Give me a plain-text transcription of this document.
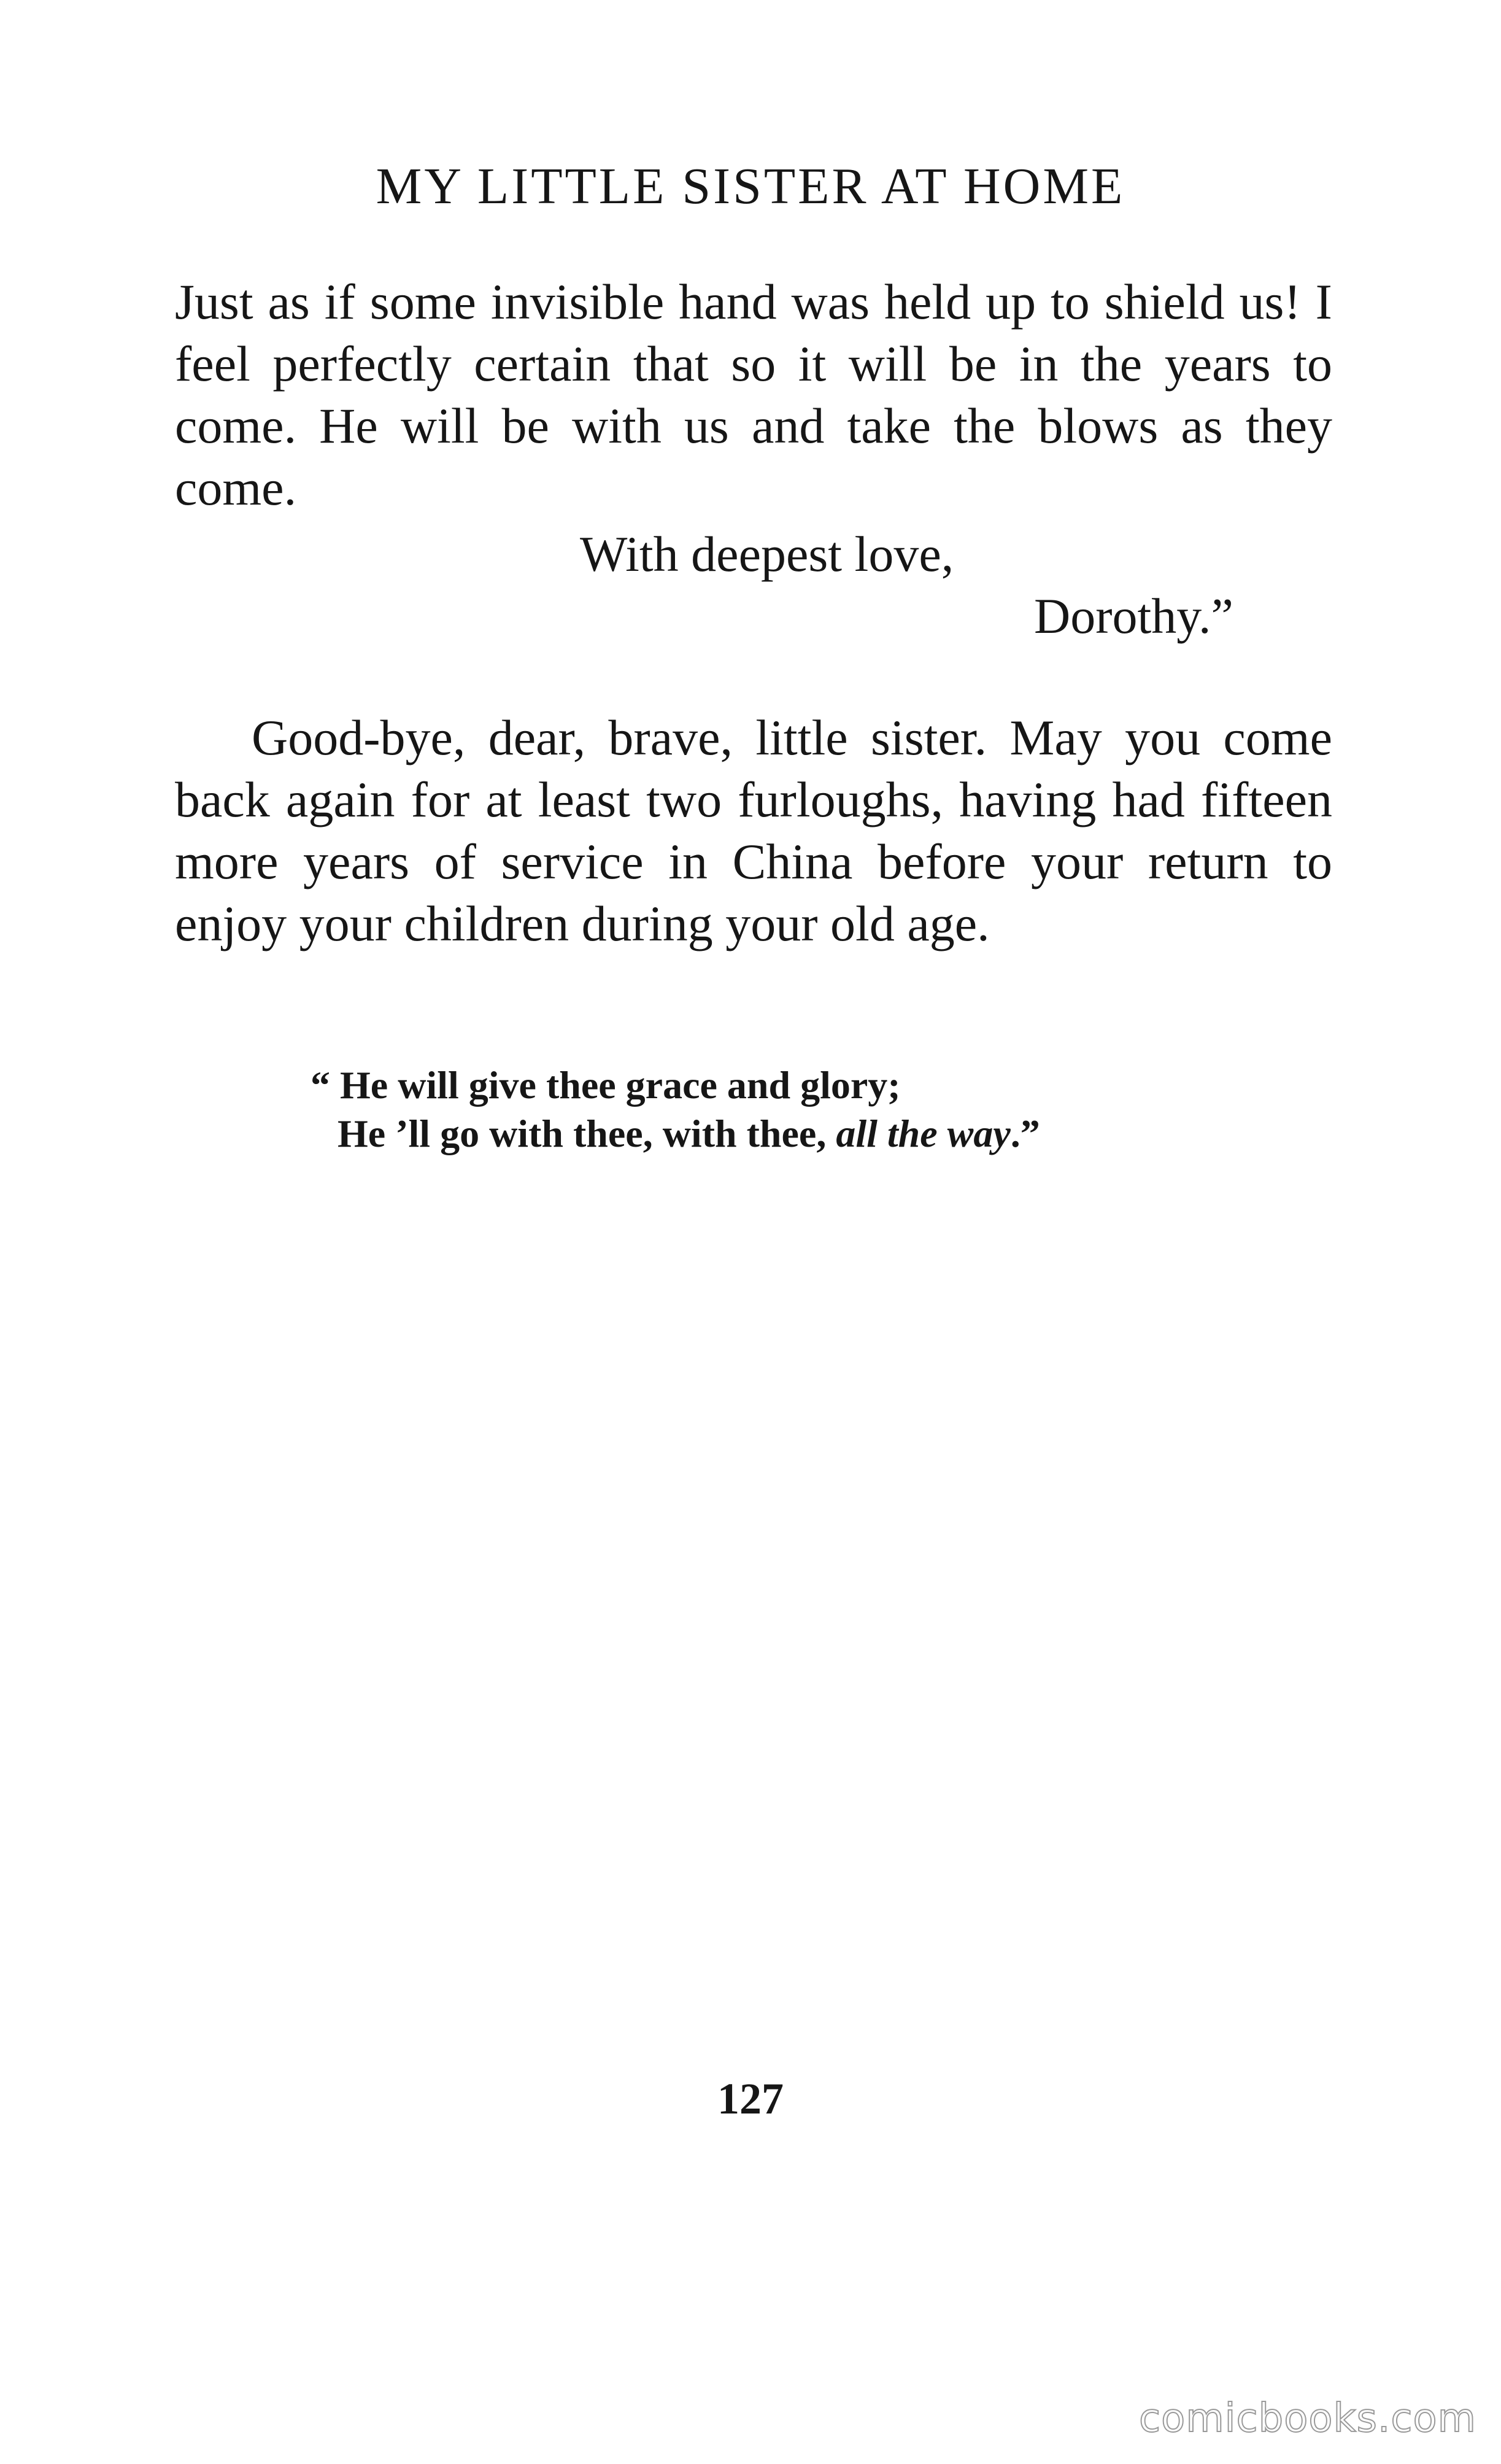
MY LITTLE SISTER AT HOME

Just as if some invisible hand was held up to shield us! I feel perfectly certain that so it will be in the years to come. He will be with us and take the blows as they come.

With deepest love,
Dorothy.”

Good-bye, dear, brave, little sister. May you come back again for at least two furloughs, having had fifteen more years of service in China before your return to enjoy your children during your old age.

“ He will give thee grace and glory;
He ’ll go with thee, with thee, all the way.”
127
comicbooks.com
